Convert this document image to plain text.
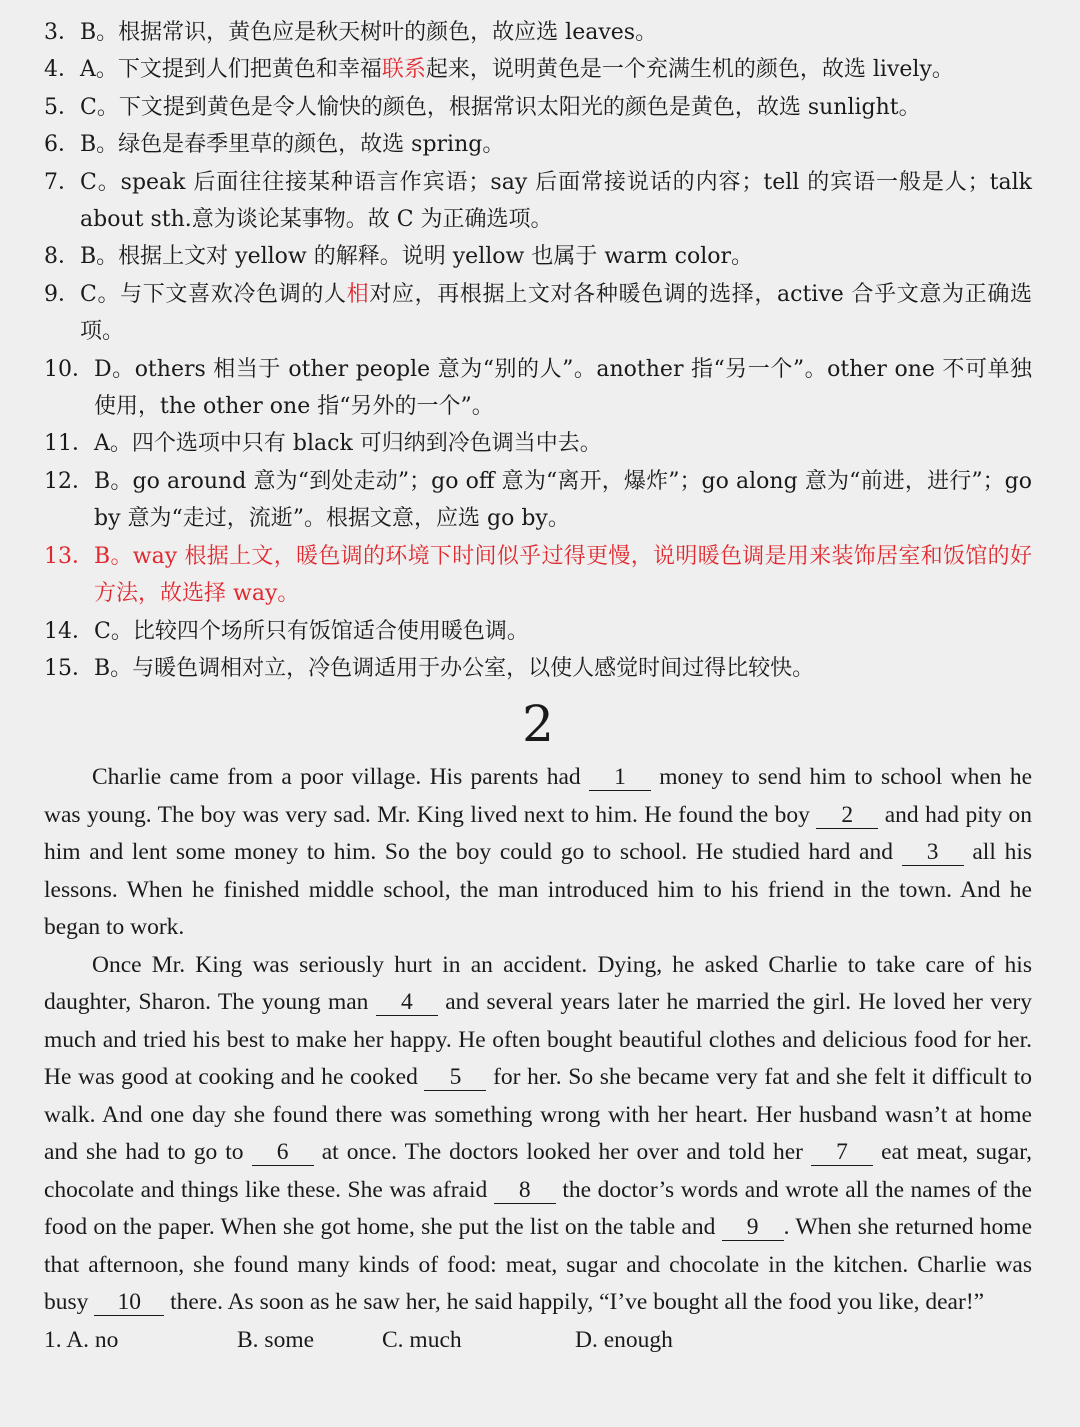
3． B。根据常识，黄色应是秋天树叶的颜色，故应选 leaves。
4． A。下文提到人们把黄色和幸福联系起来，说明黄色是一个充满生机的颜色，故选 lively。
5． C。下文提到黄色是令人愉快的颜色，根据常识太阳光的颜色是黄色，故选 sunlight。
6． B。绿色是春季里草的颜色，故选 spring。
7． C。speak 后面往往接某种语言作宾语；say 后面常接说话的内容；tell 的宾语一般是人；talk about sth.意为谈论某事物。故 C 为正确选项。
8． B。根据上文对 yellow 的解释。说明 yellow 也属于 warm color。
9． C。与下文喜欢冷色调的人相对应，再根据上文对各种暖色调的选择，active 合乎文意为正确选项。
10． D。others 相当于 other people 意为“别的人”。another 指“另一个”。other one 不可单独使用，the other one 指“另外的一个”。
11． A。四个选项中只有 black 可归纳到冷色调当中去。
12． B。go around 意为“到处走动”；go off 意为“离开，爆炸”；go along 意为“前进，进行”；go by 意为“走过，流逝”。根据文意，应选 go by。
13． B。way 根据上文，暖色调的环境下时间似乎过得更慢，说明暖色调是用来装饰居室和饭馆的好方法，故选择 way。
14． C。比较四个场所只有饭馆适合使用暖色调。
15． B。与暖色调相对立，冷色调适用于办公室，以使人感觉时间过得比较快。
2

Charlie came from a poor village. His parents had 1 money to send him to school when he was young. The boy was very sad. Mr. King lived next to him. He found the boy 2 and had pity on him and lent some money to him. So the boy could go to school. He studied hard and 3 all his lessons. When he finished middle school, the man introduced him to his friend in the town. And he began to work.

Once Mr. King was seriously hurt in an accident. Dying, he asked Charlie to take care of his daughter, Sharon. The young man 4 and several years later he married the girl. He loved her very much and tried his best to make her happy. He often bought beautiful clothes and delicious food for her. He was good at cooking and he cooked 5 for her. So she became very fat and she felt it difficult to walk. And one day she found there was something wrong with her heart. Her husband wasn’t at home and she had to go to 6 at once. The doctors looked her over and told her 7 eat meat, sugar, chocolate and things like these. She was afraid 8 the doctor’s words and wrote all the names of the food on the paper. When she got home, she put the list on the table and 9 . When she returned home that afternoon, she found many kinds of food: meat, sugar and chocolate in the kitchen. Charlie was busy 10 there. As soon as he saw her, he said happily, “I’ve bought all the food you like, dear!”

1. A. no	B. some	C. much	D. enough
